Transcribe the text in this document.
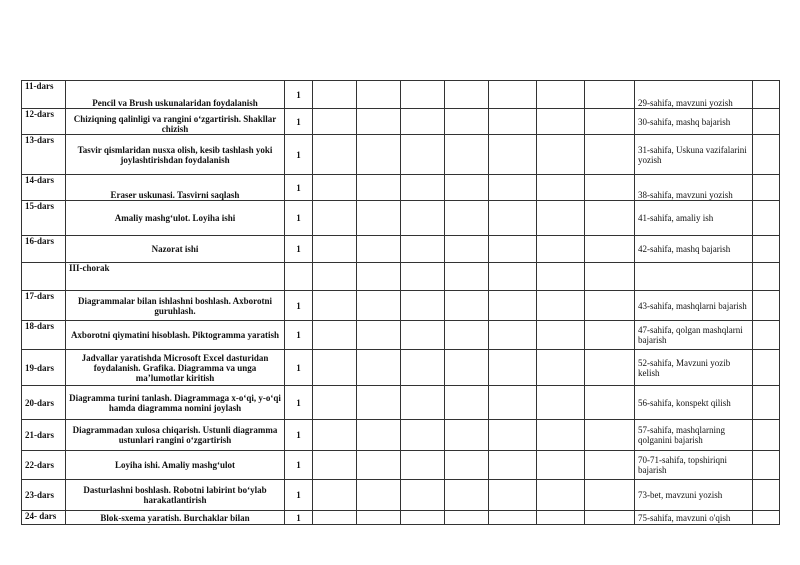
11-dars	Pencil va Brush uskunalaridan foydalanish	1								29-sahifa, mavzuni yozish	
12-dars	Chiziqning qalinligi va rangini o‘zgartirish. Shakllar chizish	1								30-sahifa, mashq bajarish	
13-dars	Tasvir qismlaridan nusxa olish, kesib tashlash yoki joylashtirishdan foydalanish	1								31-sahifa, Uskuna vazifalarini yozish	
14-dars	Eraser uskunasi. Tasvirni saqlash	1								38-sahifa, mavzuni yozish	
15-dars	Amaliy mashg‘ulot. Loyiha ishi	1								41-sahifa, amaliy ish	
16-dars	Nazorat ishi	1								42-sahifa, mashq bajarish	
	III-chorak										
17-dars	Diagrammalar bilan ishlashni boshlash. Axborotni guruhlash.	1								43-sahifa, mashqlarni bajarish	
18-dars	Axborotni qiymatini hisoblash. Piktogramma yaratish	1								47-sahifa, qolgan mashqlarni bajarish	
19-dars	Jadvallar yaratishda Microsoft Excel dasturidan foydalanish. Grafika. Diagramma va unga ma’lumotlar kiritish	1								52-sahifa, Mavzuni yozib kelish	
20-dars	Diagramma turini tanlash. Diagrammaga x-o‘qi, y-o‘qi hamda diagramma nomini joylash	1								56-sahifa, konspekt qilish	
21-dars	Diagrammadan xulosa chiqarish. Ustunli diagramma ustunlari rangini o‘zgartirish	1								57-sahifa, mashqlarning qolganini bajarish	
22-dars	Loyiha ishi. Amaliy mashg‘ulot	1								70-71-sahifa, topshiriqni bajarish	
23-dars	Dasturlashni boshlash. Robotni labirint bo‘ylab harakatlantirish	1								73-bet, mavzuni yozish	
24- dars	Blok-sxema yaratish. Burchaklar bilan	1								75-sahifa, mavzuni o'qish	
